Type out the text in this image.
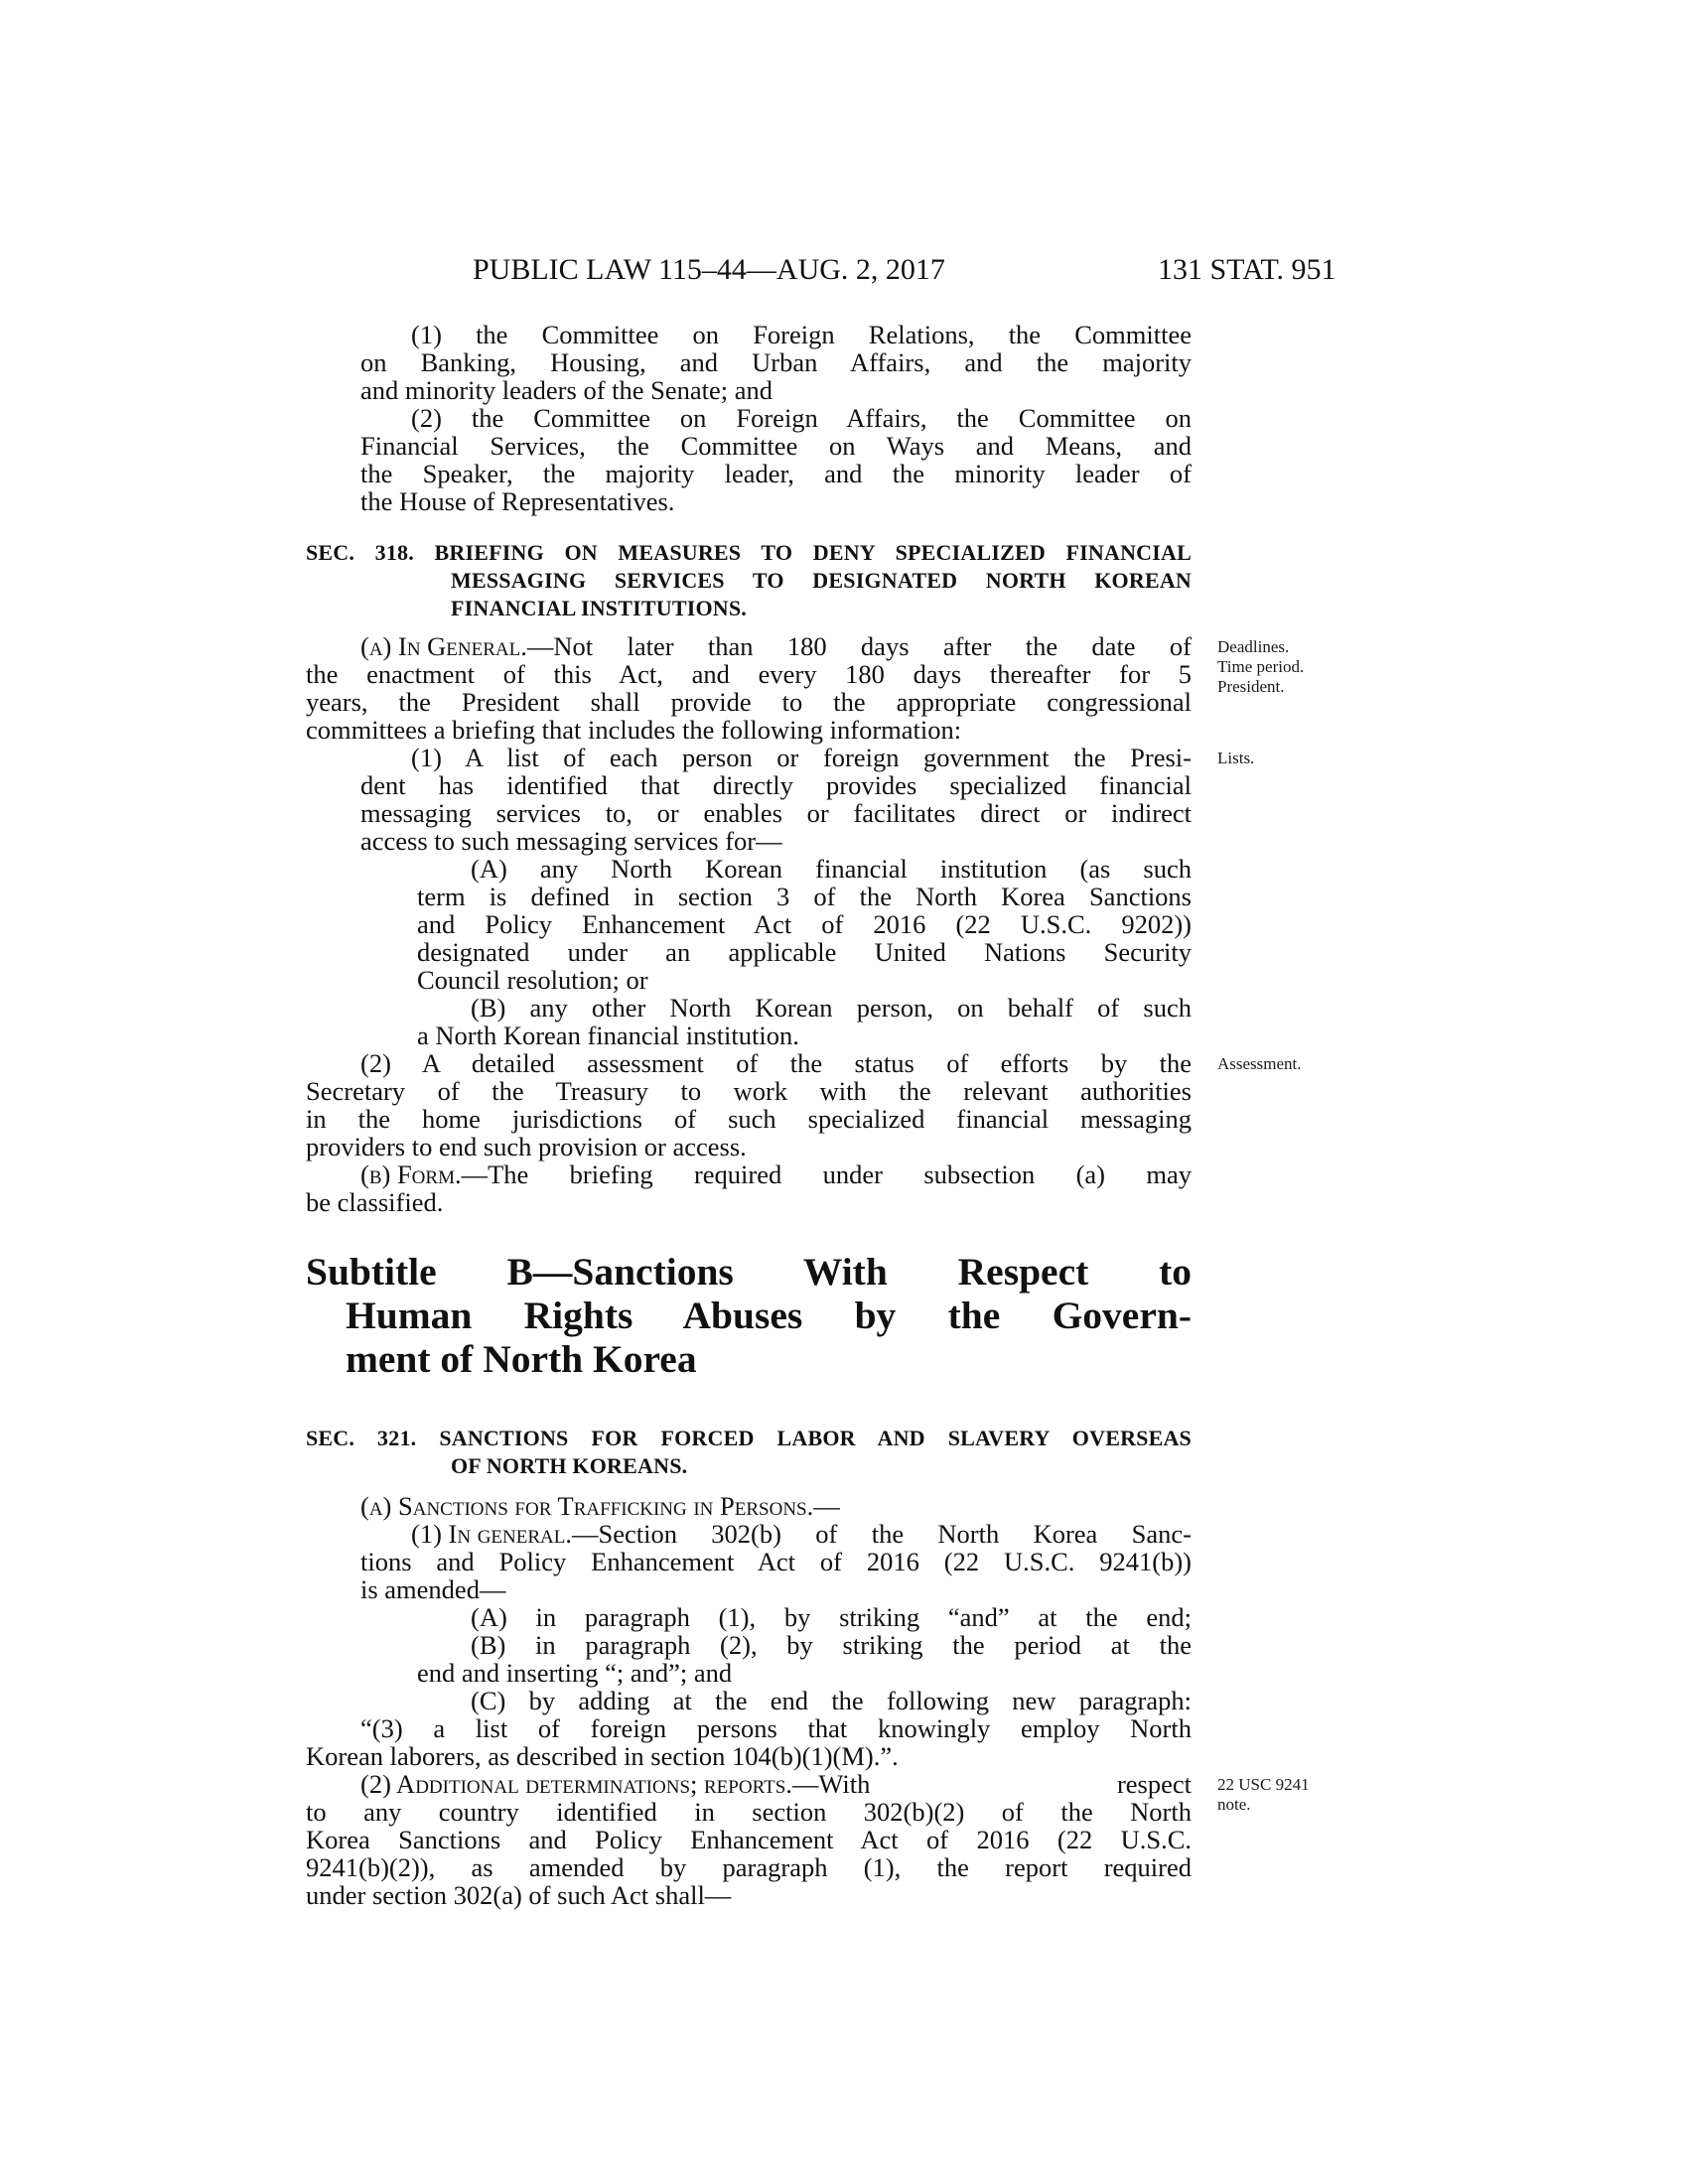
PUBLIC LAW 115–44—AUG. 2, 2017	131 STAT. 951
(1) the Committee on Foreign Relations, the Committee
on Banking, Housing, and Urban Affairs, and the majority
and minority leaders of the Senate; and
(2) the Committee on Foreign Affairs, the Committee on
Financial Services, the Committee on Ways and Means, and
the Speaker, the majority leader, and the minority leader of
the House of Representatives.
SEC. 318. BRIEFING ON MEASURES TO DENY SPECIALIZED FINANCIAL
MESSAGING SERVICES TO DESIGNATED NORTH KOREAN
FINANCIAL INSTITUTIONS.
(a) In General. —Not later than 180 days after the date of
the enactment of this Act, and every 180 days thereafter for 5
years, the President shall provide to the appropriate congressional
committees a briefing that includes the following information:
(1) A list of each person or foreign government the Presi-
dent has identified that directly provides specialized financial
messaging services to, or enables or facilitates direct or indirect
access to such messaging services for—
(A) any North Korean financial institution (as such
term is defined in section 3 of the North Korea Sanctions
and Policy Enhancement Act of 2016 (22 U.S.C. 9202))
designated under an applicable United Nations Security
Council resolution; or
(B) any other North Korean person, on behalf of such
a North Korean financial institution.
(2) A detailed assessment of the status of efforts by the
Secretary of the Treasury to work with the relevant authorities
in the home jurisdictions of such specialized financial messaging
providers to end such provision or access.
(b) Form. —The briefing required under subsection (a) may
be classified.
Subtitle B—Sanctions With Respect to
Human Rights Abuses by the Govern-
ment of North Korea
SEC. 321. SANCTIONS FOR FORCED LABOR AND SLAVERY OVERSEAS
OF NORTH KOREANS.
(a) Sanctions for Trafficking in Persons.—
(1) In general. —Section 302(b) of the North Korea Sanc-
tions and Policy Enhancement Act of 2016 (22 U.S.C. 9241(b))
is amended—
(A) in paragraph (1), by striking “and” at the end;
(B) in paragraph (2), by striking the period at the
end and inserting “; and”; and
(C) by adding at the end the following new paragraph:
“(3) a list of foreign persons that knowingly employ North
Korean laborers, as described in section 104(b)(1)(M).”.
(2) Additional determinations; reports. —With respect
to any country identified in section 302(b)(2) of the North
Korea Sanctions and Policy Enhancement Act of 2016 (22 U.S.C.
9241(b)(2)), as amended by paragraph (1), the report required
under section 302(a) of such Act shall—
Deadlines.
Time period.
President.
Lists.
Assessment.
22 USC 9241
note.
